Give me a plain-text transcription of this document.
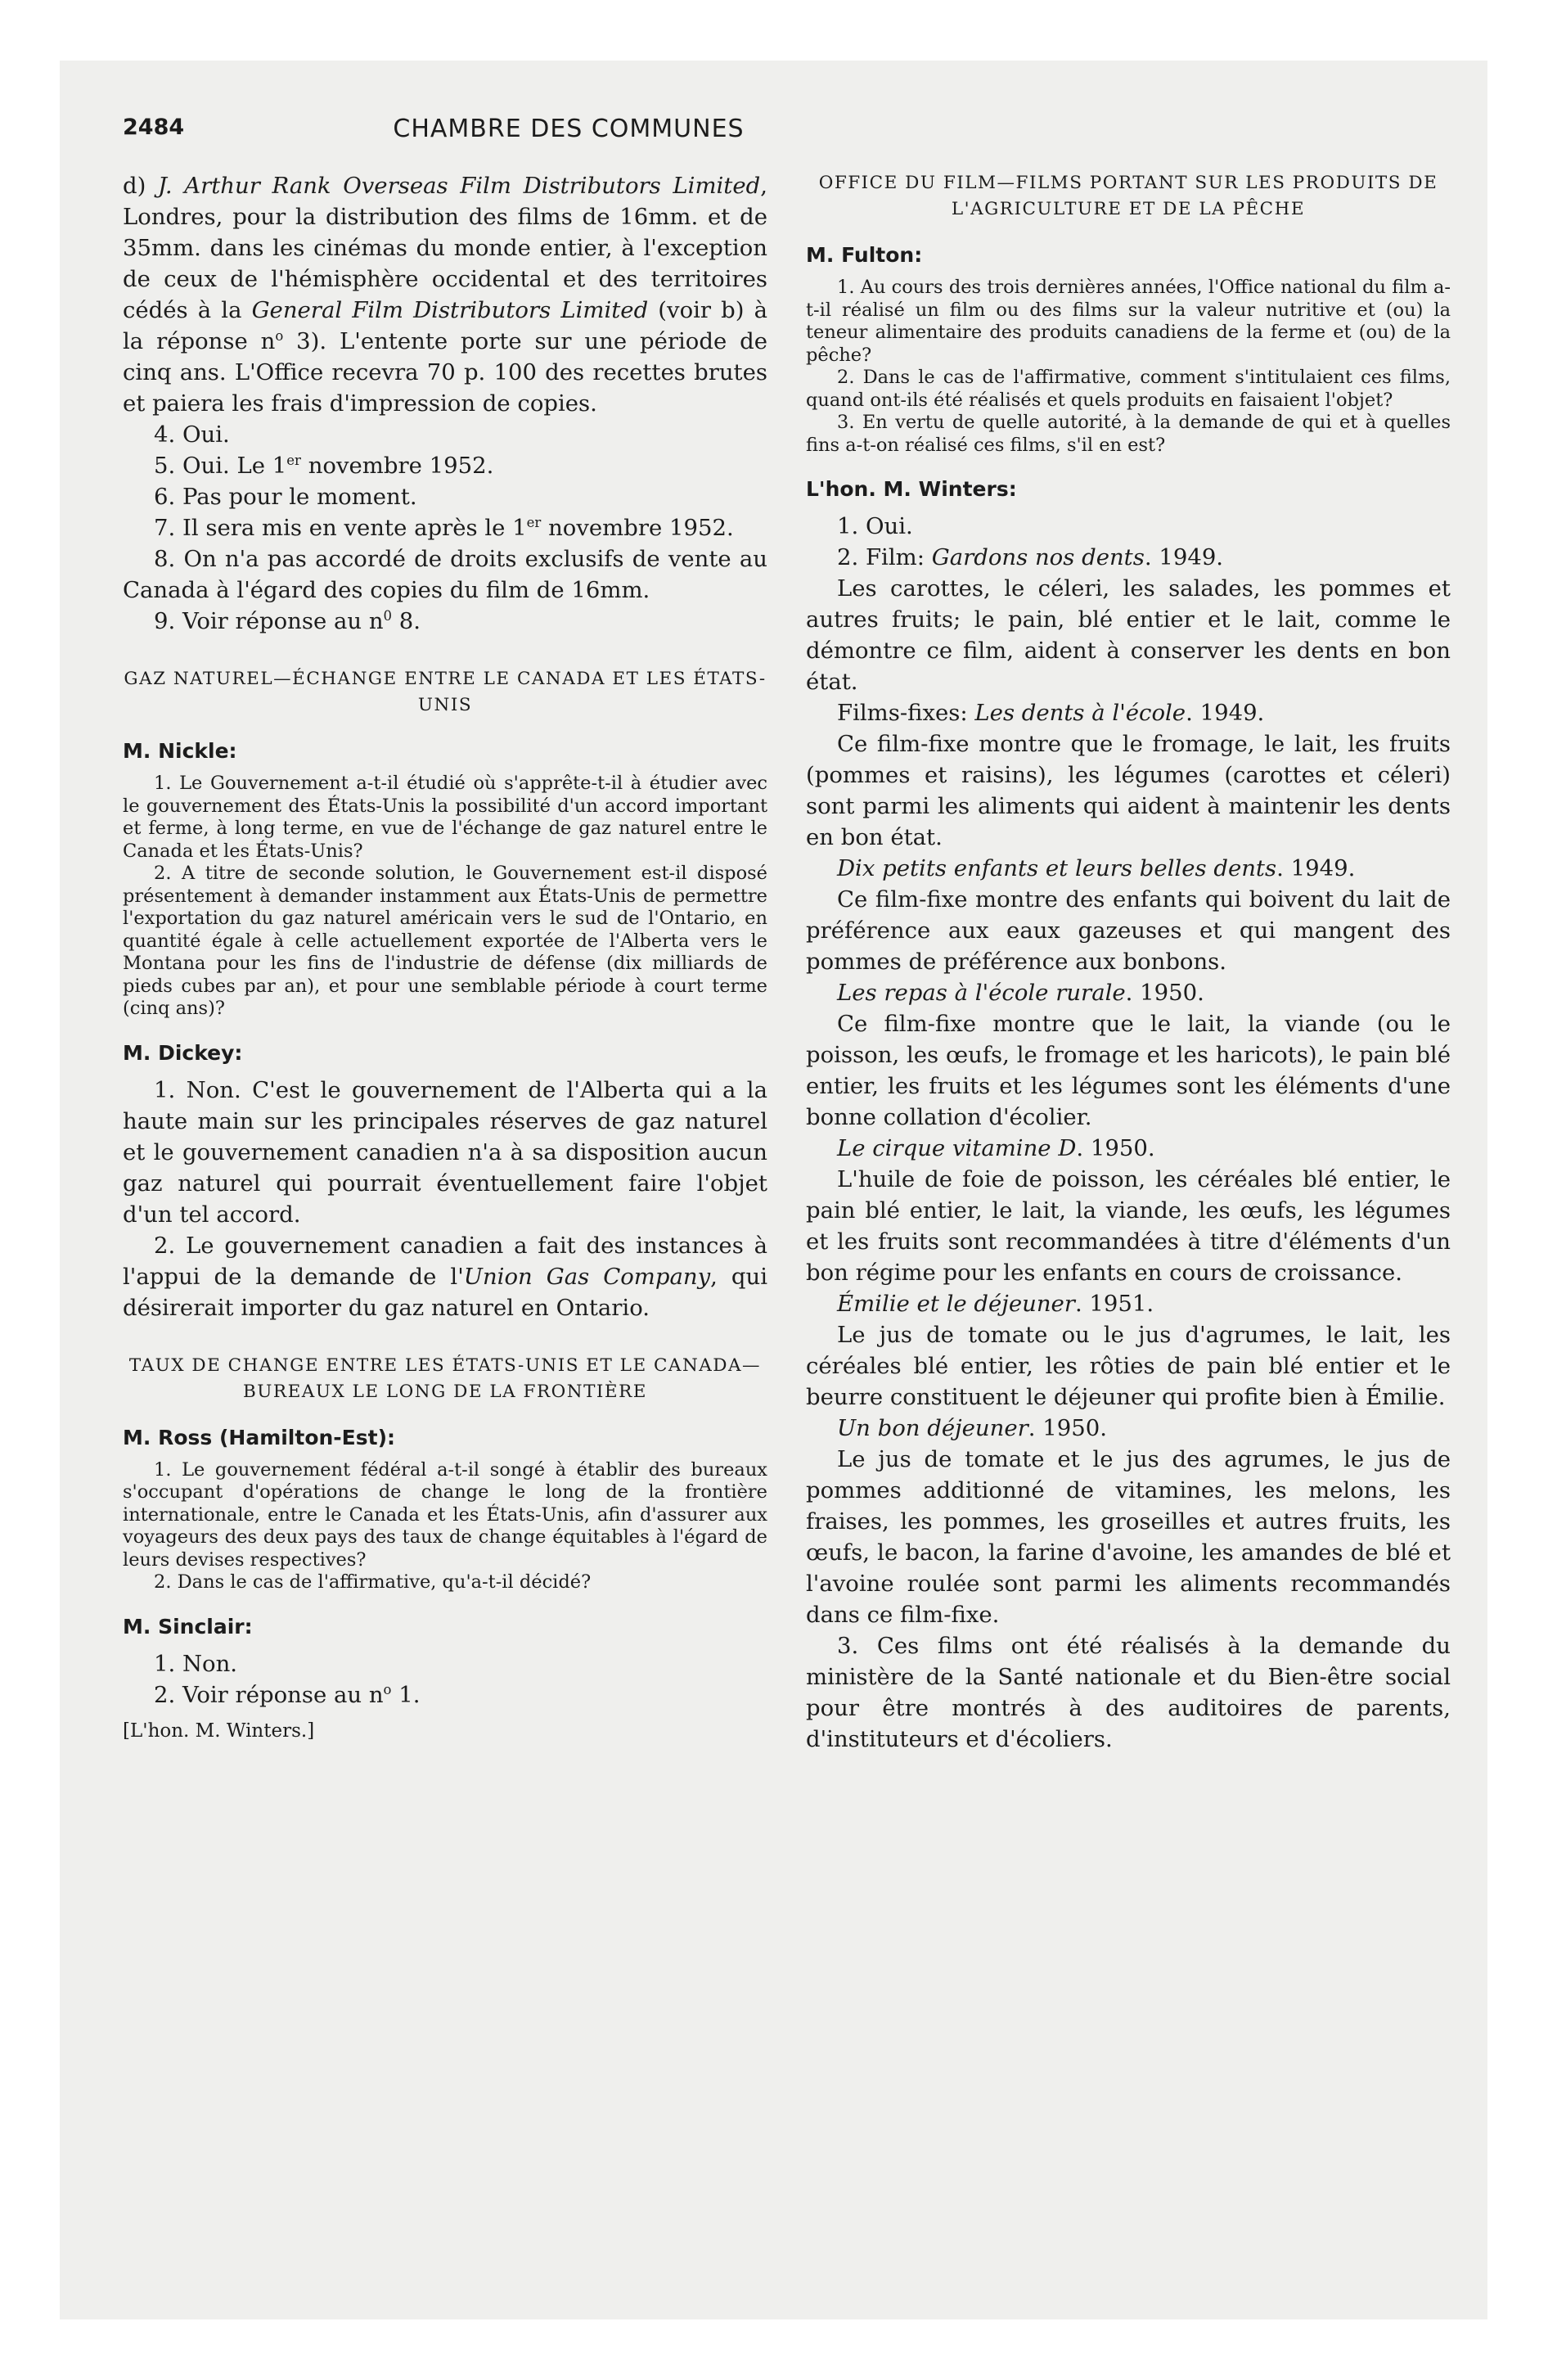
2484	CHAMBRE DES COMMUNES

d) J. Arthur Rank Overseas Film Distributors Limited, Londres, pour la distribution des films de 16mm. et de 35mm. dans les cinémas du monde entier, à l'exception de ceux de l'hémisphère occidental et des territoires cédés à la General Film Distributors Limited (voir b) à la réponse $n^o$ 3). L'entente porte sur une période de cinq ans. L'Office recevra 70 p. 100 des recettes brutes et paiera les frais d'impression de copies.

4. Oui.

5. Oui. Le 1er novembre 1952.

6. Pas pour le moment.

7. Il sera mis en vente après le 1er novembre 1952.

8. On n'a pas accordé de droits exclusifs de vente au Canada à l'égard des copies du film de 16mm.

9. Voir réponse au $n^0$ 8.

GAZ NATUREL—ÉCHANGE ENTRE LE CANADA ET LES ÉTATS-UNIS

M. Nickle:

1. Le Gouvernement a-t-il étudié où s'apprête-t-il à étudier avec le gouvernement des États-Unis la possibilité d'un accord important et ferme, à long terme, en vue de l'échange de gaz naturel entre le Canada et les États-Unis?

2. A titre de seconde solution, le Gouvernement est-il disposé présentement à demander instamment aux États-Unis de permettre l'exportation du gaz naturel américain vers le sud de l'Ontario, en quantité égale à celle actuellement exportée de l'Alberta vers le Montana pour les fins de l'industrie de défense (dix milliards de pieds cubes par an), et pour une semblable période à court terme (cinq ans)?

M. Dickey:

1. Non. C'est le gouvernement de l'Alberta qui a la haute main sur les principales réserves de gaz naturel et le gouvernement canadien n'a à sa disposition aucun gaz naturel qui pourrait éventuellement faire l'objet d'un tel accord.

2. Le gouvernement canadien a fait des instances à l'appui de la demande de l'Union Gas Company, qui désirerait importer du gaz naturel en Ontario.

TAUX DE CHANGE ENTRE LES ÉTATS-UNIS ET LE CANADA—BUREAUX LE LONG DE LA FRONTIÈRE

M. Ross (Hamilton-Est):

1. Le gouvernement fédéral a-t-il songé à établir des bureaux s'occupant d'opérations de change le long de la frontière internationale, entre le Canada et les États-Unis, afin d'assurer aux voyageurs des deux pays des taux de change équitables à l'égard de leurs devises respectives?

2. Dans le cas de l'affirmative, qu'a-t-il décidé?

M. Sinclair:

1. Non.

2. Voir réponse au $n^o$ 1.

[L'hon. M. Winters.]

OFFICE DU FILM—FILMS PORTANT SUR LES PRODUITS DE L'AGRICULTURE ET DE LA PÊCHE

M. Fulton:

1. Au cours des trois dernières années, l'Office national du film a-t-il réalisé un film ou des films sur la valeur nutritive et (ou) la teneur alimentaire des produits canadiens de la ferme et (ou) de la pêche?

2. Dans le cas de l'affirmative, comment s'intitulaient ces films, quand ont-ils été réalisés et quels produits en faisaient l'objet?

3. En vertu de quelle autorité, à la demande de qui et à quelles fins a-t-on réalisé ces films, s'il en est?

L'hon. M. Winters:

1. Oui.

2. Film: Gardons nos dents. 1949.

Les carottes, le céleri, les salades, les pommes et autres fruits; le pain, blé entier et le lait, comme le démontre ce film, aident à conserver les dents en bon état.

Films-fixes: Les dents à l'école. 1949.

Ce film-fixe montre que le fromage, le lait, les fruits (pommes et raisins), les légumes (carottes et céleri) sont parmi les aliments qui aident à maintenir les dents en bon état.

Dix petits enfants et leurs belles dents. 1949.

Ce film-fixe montre des enfants qui boivent du lait de préférence aux eaux gazeuses et qui mangent des pommes de préférence aux bonbons.

Les repas à l'école rurale. 1950.

Ce film-fixe montre que le lait, la viande (ou le poisson, les œufs, le fromage et les haricots), le pain blé entier, les fruits et les légumes sont les éléments d'une bonne collation d'écolier.

Le cirque vitamine D. 1950.

L'huile de foie de poisson, les céréales blé entier, le pain blé entier, le lait, la viande, les œufs, les légumes et les fruits sont recommandées à titre d'éléments d'un bon régime pour les enfants en cours de croissance.

Émilie et le déjeuner. 1951.

Le jus de tomate ou le jus d'agrumes, le lait, les céréales blé entier, les rôties de pain blé entier et le beurre constituent le déjeuner qui profite bien à Émilie.

Un bon déjeuner. 1950.

Le jus de tomate et le jus des agrumes, le jus de pommes additionné de vitamines, les melons, les fraises, les pommes, les groseilles et autres fruits, les œufs, le bacon, la farine d'avoine, les amandes de blé et l'avoine roulée sont parmi les aliments recommandés dans ce film-fixe.

3. Ces films ont été réalisés à la demande du ministère de la Santé nationale et du Bien-être social pour être montrés à des auditoires de parents, d'instituteurs et d'écoliers.
